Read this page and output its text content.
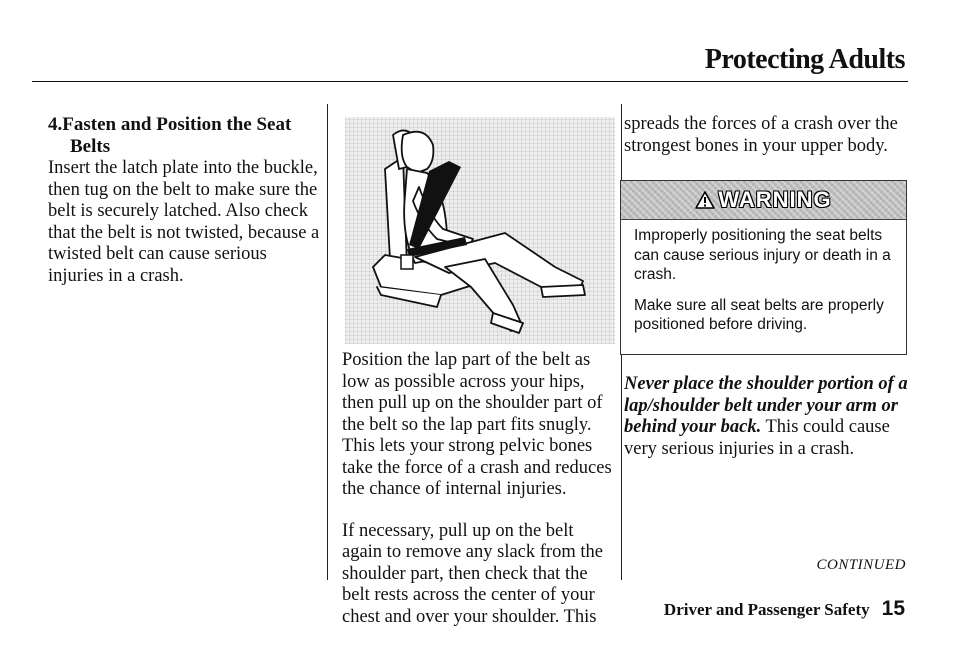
Protecting Adults
4.Fasten and Position the Seat
Belts

Insert the latch plate into the buckle, then tug on the belt to make sure the belt is securely latched. Also check that the belt is not twisted, because a twisted belt can cause serious injuries in a crash.

Position the lap part of the belt as low as possible across your hips, then pull up on the shoulder part of the belt so the lap part fits snugly. This lets your strong pelvic bones take the force of a crash and reduces the chance of internal injuries.

If necessary, pull up on the belt again to remove any slack from the shoulder part, then check that the belt rests across the center of your chest and over your shoulder. This

spreads the forces of a crash over the strongest bones in your upper body.

WARNING

Improperly positioning the seat belts can cause serious injury or death in a crash.

Make sure all seat belts are properly positioned before driving.

Never place the shoulder portion of a lap/shoulder belt under your arm or behind your back. This could cause very serious injuries in a crash.

CONTINUED
Driver and Passenger Safety 15
